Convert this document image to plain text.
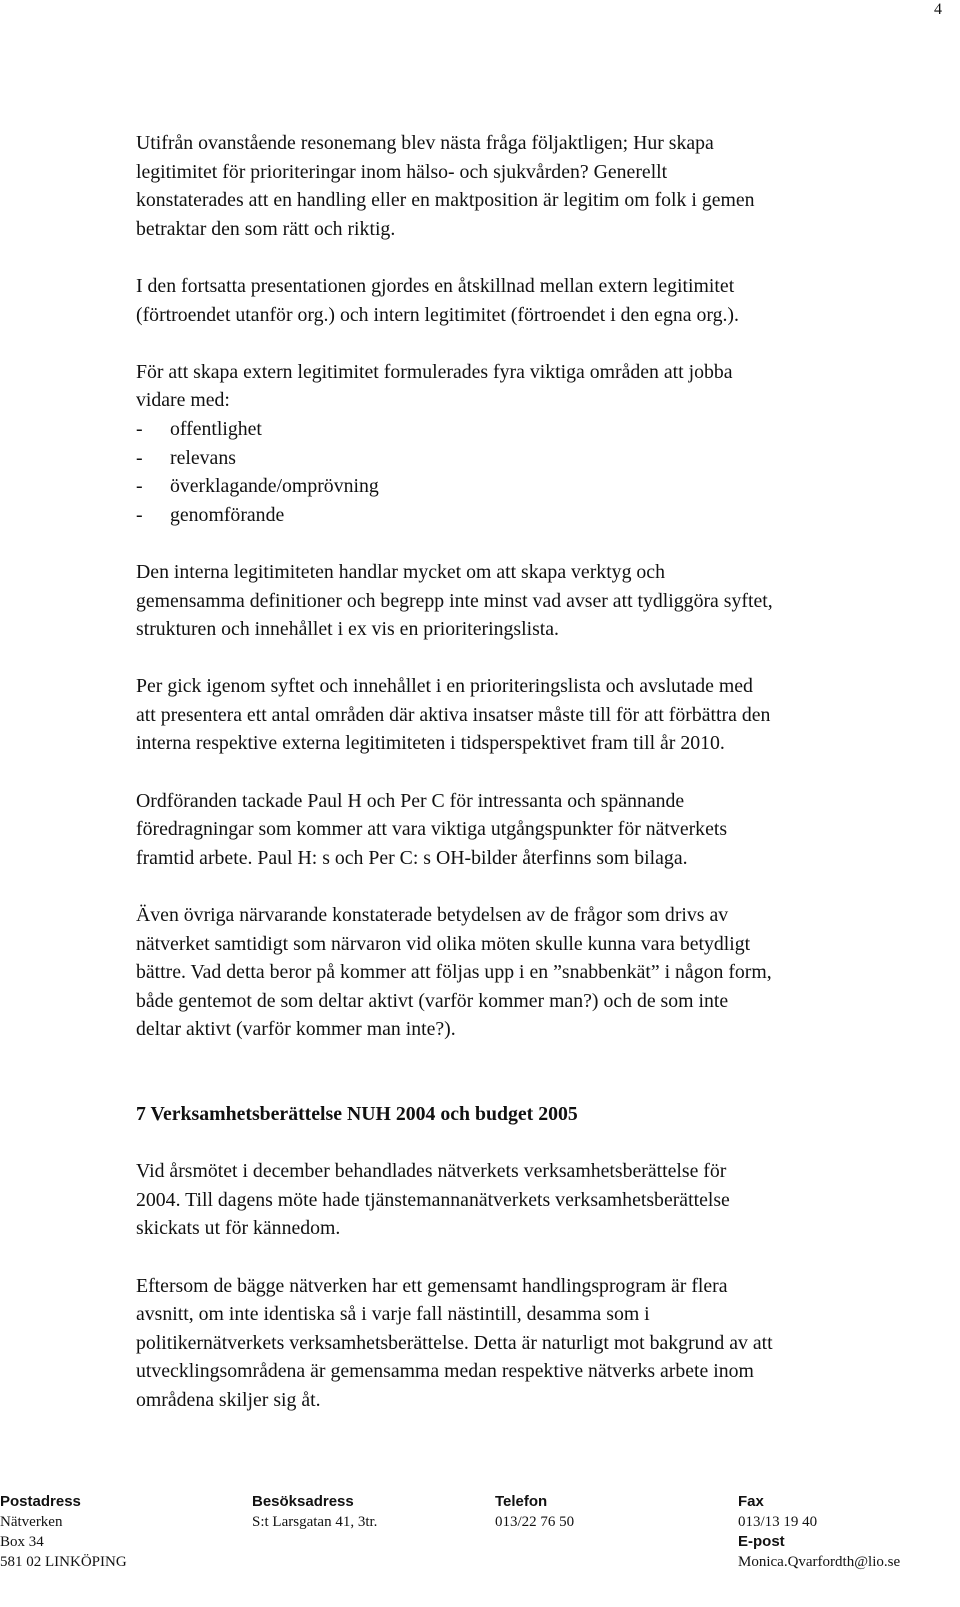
4

Utifrån ovanstående resonemang blev nästa fråga följaktligen; Hur skapa
legitimitet för prioriteringar inom hälso- och sjukvården? Generellt
konstaterades att en handling eller en maktposition är legitim om folk i gemen
betraktar den som rätt och riktig.

I den fortsatta presentationen gjordes en åtskillnad mellan extern legitimitet
(förtroendet utanför org.) och intern legitimitet (förtroendet i den egna org.).

För att skapa extern legitimitet formulerades fyra viktiga områden att jobba
vidare med:
- offentlighet
- relevans
- överklagande/omprövning
- genomförande

Den interna legitimiteten handlar mycket om att skapa verktyg och
gemensamma definitioner och begrepp inte minst vad avser att tydliggöra syftet,
strukturen och innehållet i ex vis en prioriteringslista.

Per gick igenom syftet och innehållet i en prioriteringslista och avslutade med
att presentera ett antal områden där aktiva insatser måste till för att förbättra den
interna respektive externa legitimiteten i tidsperspektivet fram till år 2010.

Ordföranden tackade Paul H och Per C för intressanta och spännande
föredragningar som kommer att vara viktiga utgångspunkter för nätverkets
framtid arbete. Paul H: s och Per C: s OH-bilder återfinns som bilaga.

Även övriga närvarande konstaterade betydelsen av de frågor som drivs av
nätverket samtidigt som närvaron vid olika möten skulle kunna vara betydligt
bättre. Vad detta beror på kommer att följas upp i en ”snabbenkät” i någon form,
både gentemot de som deltar aktivt (varför kommer man?) och de som inte
deltar aktivt (varför kommer man inte?).

7 Verksamhetsberättelse NUH 2004 och budget 2005

Vid årsmötet i december behandlades nätverkets verksamhetsberättelse för
2004. Till dagens möte hade tjänstemannanätverkets verksamhetsberättelse
skickats ut för kännedom.

Eftersom de bägge nätverken har ett gemensamt handlingsprogram är flera
avsnitt, om inte identiska så i varje fall nästintill, desamma som i
politikernätverkets verksamhetsberättelse. Detta är naturligt mot bakgrund av att
utvecklingsområdena är gemensamma medan respektive nätverks arbete inom
områdena skiljer sig åt.

Postadress
Nätverken
Box 34
581 02 LINKÖPING
Besöksadress
S:t Larsgatan 41, 3tr.
Telefon
013/22 76 50
Fax
013/13 19 40
E-post
Monica.Qvarfordth@lio.se
